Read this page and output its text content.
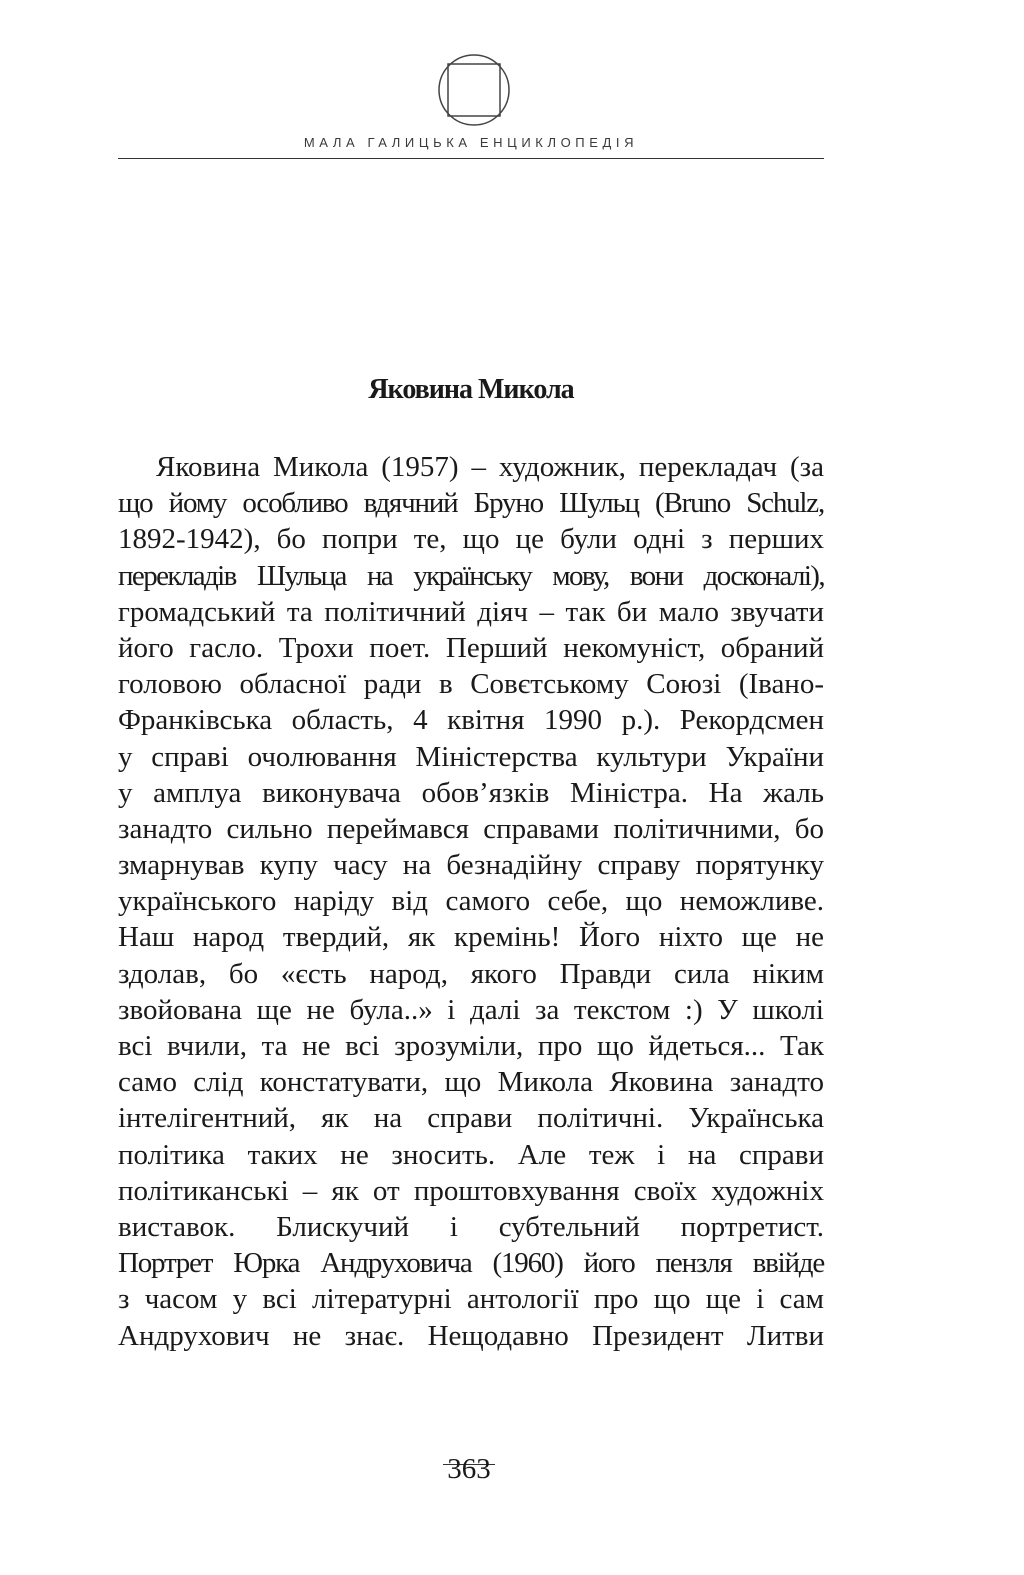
МАЛА ГАЛИЦЬКА ЕНЦИКЛОПЕДІЯ
Яковина Микола
Яковина Микола (1957) – художник, перекладач (за
що йому особливо вдячний Бруно Шульц (Bruno Schulz,
1892-1942), бо попри те, що це були одні з перших
перекладів Шульца на українську мову, вони досконалі),
громадський та політичний діяч – так би мало звучати
його гасло. Трохи поет. Перший некомуніст, обраний
головою обласної ради в Совєтському Союзі (Івано-
Франківська область, 4 квітня 1990 р.). Рекордсмен
у справі очолювання Міністерства культури України
у амплуа виконувача обов’язків Міністра. На жаль
занадто сильно переймався справами політичними, бо
змарнував купу часу на безнадійну справу порятунку
українського наріду від самого себе, що неможливе.
Наш народ твердий, як кремінь! Його ніхто ще не
здолав, бо «єсть народ, якого Правди сила ніким
звойована ще не була..» і далі за текстом :) У школі
всі вчили, та не всі зрозуміли, про що йдеться... Так
само слід констатувати, що Микола Яковина занадто
інтелігентний, як на справи політичні. Українська
політика таких не зносить. Але теж і на справи
політиканські – як от проштовхування своїх художніх
виставок. Блискучий і субтельний портретист.
Портрет Юрка Андруховича (1960) його пензля ввійде
з часом у всі літературні антології про що ще і сам
Андрухович не знає. Нещодавно Президент Литви
363
